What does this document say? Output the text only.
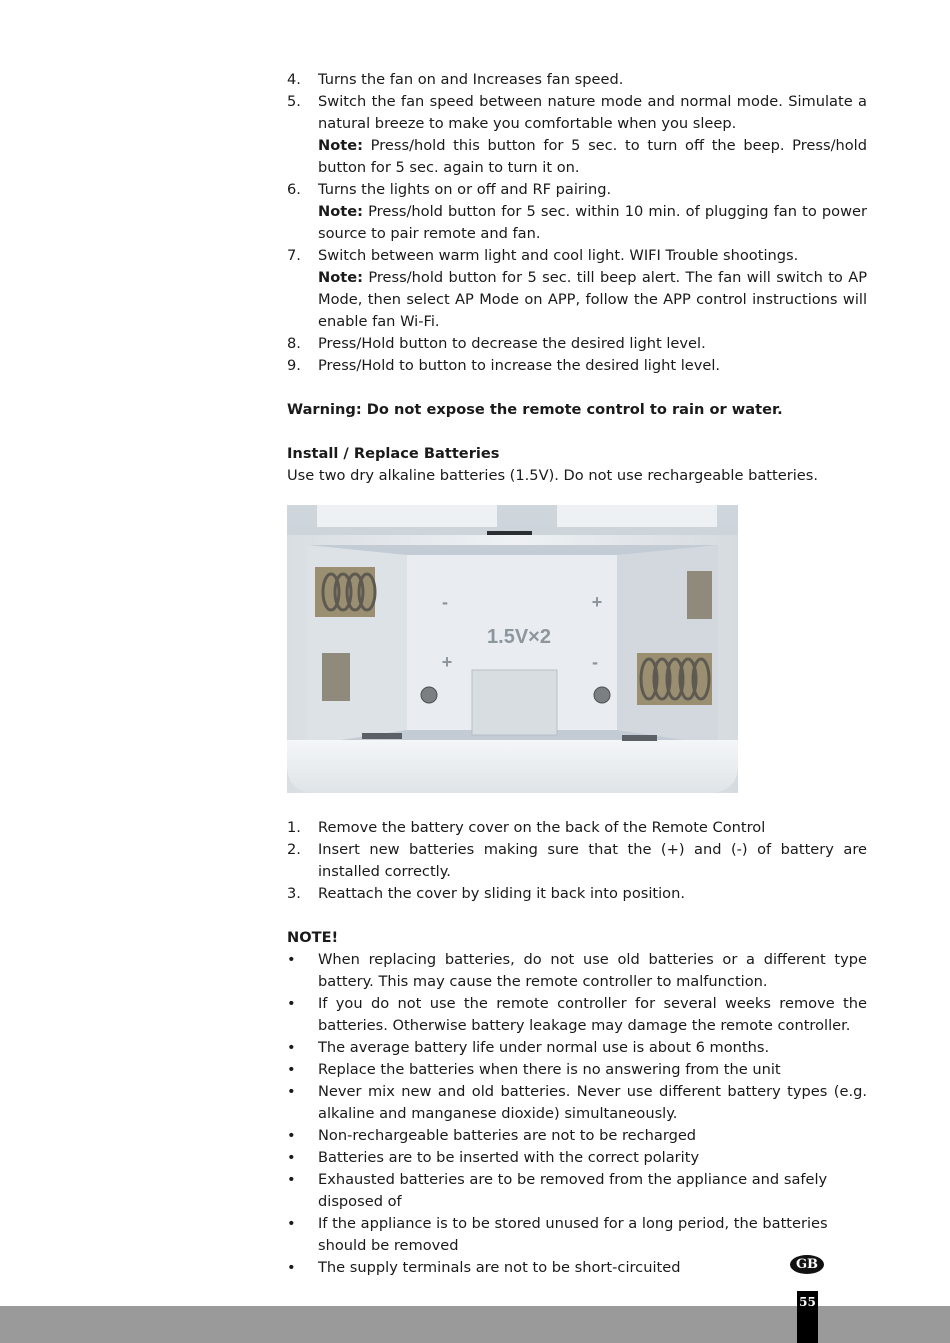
4.	Turns the fan on and Increases fan speed.

5.	Switch the fan speed between nature mode and normal mode. Simulate a natural breeze to make you comfortable when you sleep.

Note: Press/hold this button for 5 sec. to turn off the beep. Press/hold button for 5 sec. again to turn it on.

6.	Turns the lights on or off and RF pairing.

Note: Press/hold button for 5 sec. within 10 min. of plugging fan to power source to pair remote and fan.

7.	Switch between warm light and cool light. WIFI Trouble shootings.

Note: Press/hold button for 5 sec. till beep alert. The fan will switch to AP Mode, then select AP Mode on APP, follow the APP control instructions will enable fan Wi-Fi.

8.	Press/Hold button to decrease the desired light level.

9.	Press/Hold to button to increase the desired light level.

Warning: Do not expose the remote control to rain or water.
Install / Replace Batteries
Use two dry alkaline batteries (1.5V). Do not use rechargeable batteries.
1.5V×2
-	+
+	-
1.	Remove the battery cover on the back of the Remote Control

2.	Insert new batteries making sure that the (+) and (-) of battery are installed correctly.

3.	Reattach the cover by sliding it back into position.

NOTE!
•	When replacing batteries, do not use old batteries or a different type battery. This may cause the remote controller to malfunction.
•	If you do not use the remote controller for several weeks remove the batteries. Otherwise battery leakage may damage the remote controller.
•	The average battery life under normal use is about 6 months.
•	Replace the batteries when there is no answering from the unit
•	Never mix new and old batteries. Never use different battery types (e.g. alkaline and manganese dioxide) simultaneously.
•	Non-rechargeable batteries are not to be recharged
•	Batteries are to be inserted with the correct polarity
•	Exhausted batteries are to be removed from the appliance and safely disposed of
•	If the appliance is to be stored unused for a long period, the batteries should be removed
•	The supply terminals are not to be short-circuited	GB
55
